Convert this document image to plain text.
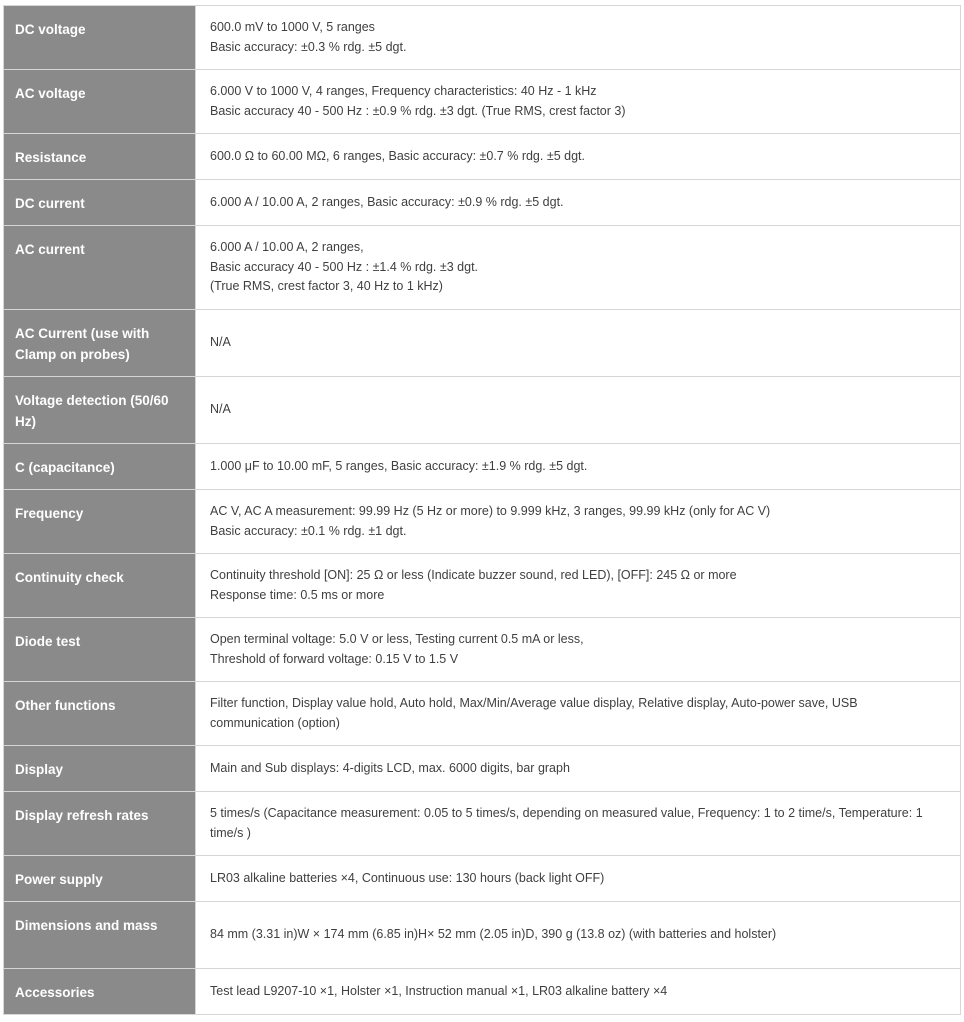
DC voltage	600.0 mV to 1000 V, 5 ranges
Basic accuracy: ±0.3 % rdg. ±5 dgt.

AC voltage	6.000 V to 1000 V, 4 ranges, Frequency characteristics: 40 Hz - 1 kHz
Basic accuracy 40 - 500 Hz : ±0.9 % rdg. ±3 dgt. (True RMS, crest factor 3)

Resistance	600.0 Ω to 60.00 MΩ, 6 ranges, Basic accuracy: ±0.7 % rdg. ±5 dgt.

DC current	6.000 A / 10.00 A, 2 ranges, Basic accuracy: ±0.9 % rdg. ±5 dgt.

AC current	6.000 A / 10.00 A, 2 ranges,
Basic accuracy 40 - 500 Hz : ±1.4 % rdg. ±3 dgt.
(True RMS, crest factor 3, 40 Hz to 1 kHz)

AC Current (use with Clamp on probes)	N/A

Voltage detection (50/60 Hz)	N/A

C (capacitance)	1.000 μF to 10.00 mF, 5 ranges, Basic accuracy: ±1.9 % rdg. ±5 dgt.

Frequency	AC V, AC A measurement: 99.99 Hz (5 Hz or more) to 9.999 kHz, 3 ranges, 99.99 kHz (only for AC V)
Basic accuracy: ±0.1 % rdg. ±1 dgt.

Continuity check	Continuity threshold [ON]: 25 Ω or less (Indicate buzzer sound, red LED), [OFF]: 245 Ω or more
Response time: 0.5 ms or more

Diode test	Open terminal voltage: 5.0 V or less, Testing current 0.5 mA or less,
Threshold of forward voltage: 0.15 V to 1.5 V

Other functions	Filter function, Display value hold, Auto hold, Max/Min/Average value display, Relative display, Auto-power save, USB
communication (option)

Display	Main and Sub displays: 4-digits LCD, max. 6000 digits, bar graph

Display refresh rates	5 times/s (Capacitance measurement: 0.05 to 5 times/s, depending on measured value, Frequency: 1 to 2 time/s, Temperature: 1
time/s )

Power supply	LR03 alkaline batteries ×4, Continuous use: 130 hours (back light OFF)

Dimensions and mass	84 mm (3.31 in)W × 174 mm (6.85 in)H× 52 mm (2.05 in)D, 390 g (13.8 oz) (with batteries and holster)

Accessories	Test lead L9207-10 ×1, Holster ×1, Instruction manual ×1, LR03 alkaline battery ×4
